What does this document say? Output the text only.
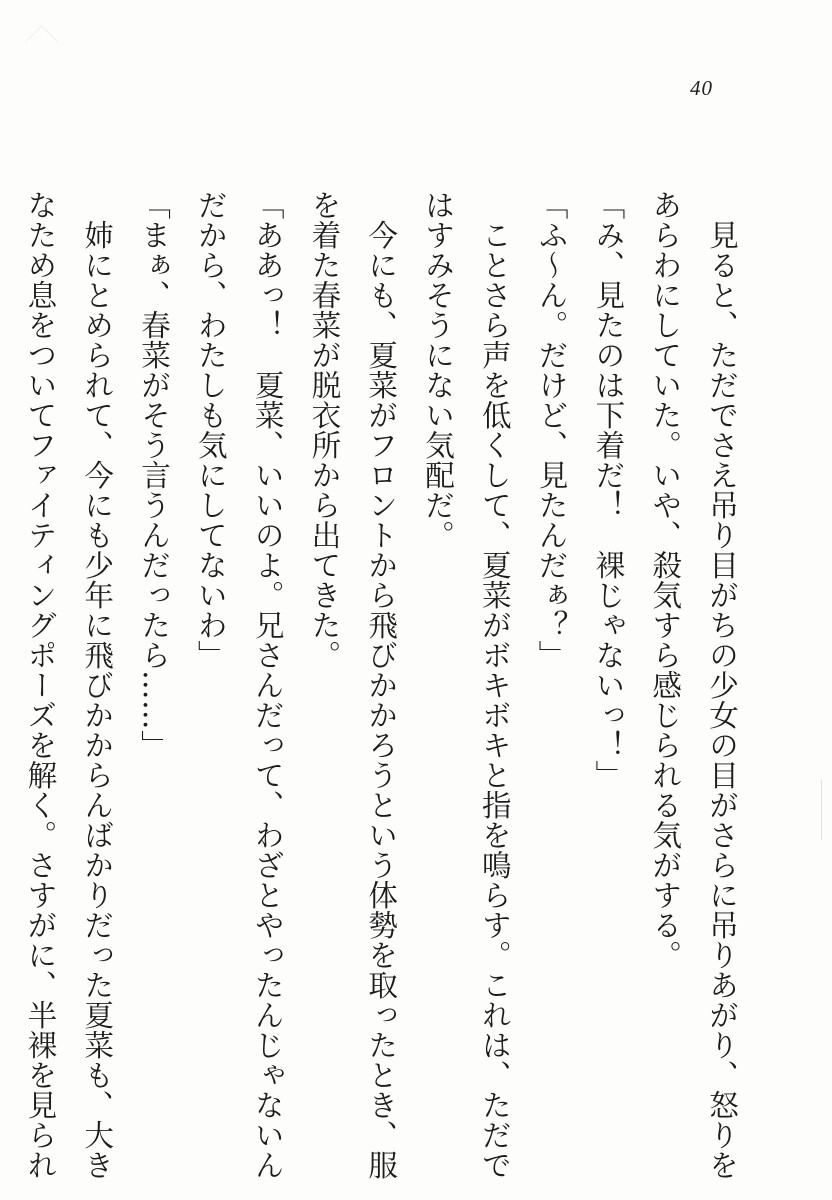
40

見ると、ただでさえ吊り目がちの少女の目がさらに吊りあがり、怒りをあらわにしていた。いや、殺気すら感じられる気がする。

「み、見たのは下着だ！　裸じゃないっ！」

「ふ〜ん。だけど、見たんだぁ？」

ことさら声を低くして、夏菜がボキボキと指を鳴らす。これは、ただではすみそうにない気配だ。

今にも、夏菜がフロントから飛びかかろうという体勢を取ったとき、服を着た春菜が脱衣所から出てきた。

「ああっ！　夏菜、いいのよ。兄さんだって、わざとやったんじゃないんだから、わたしも気にしてないわ」

「まぁ、春菜がそう言うんだったら……」

姉にとめられて、今にも少年に飛びかからんばかりだった夏菜も、大きなため息をついてファイティングポーズを解く。さすがに、半裸を見られ
